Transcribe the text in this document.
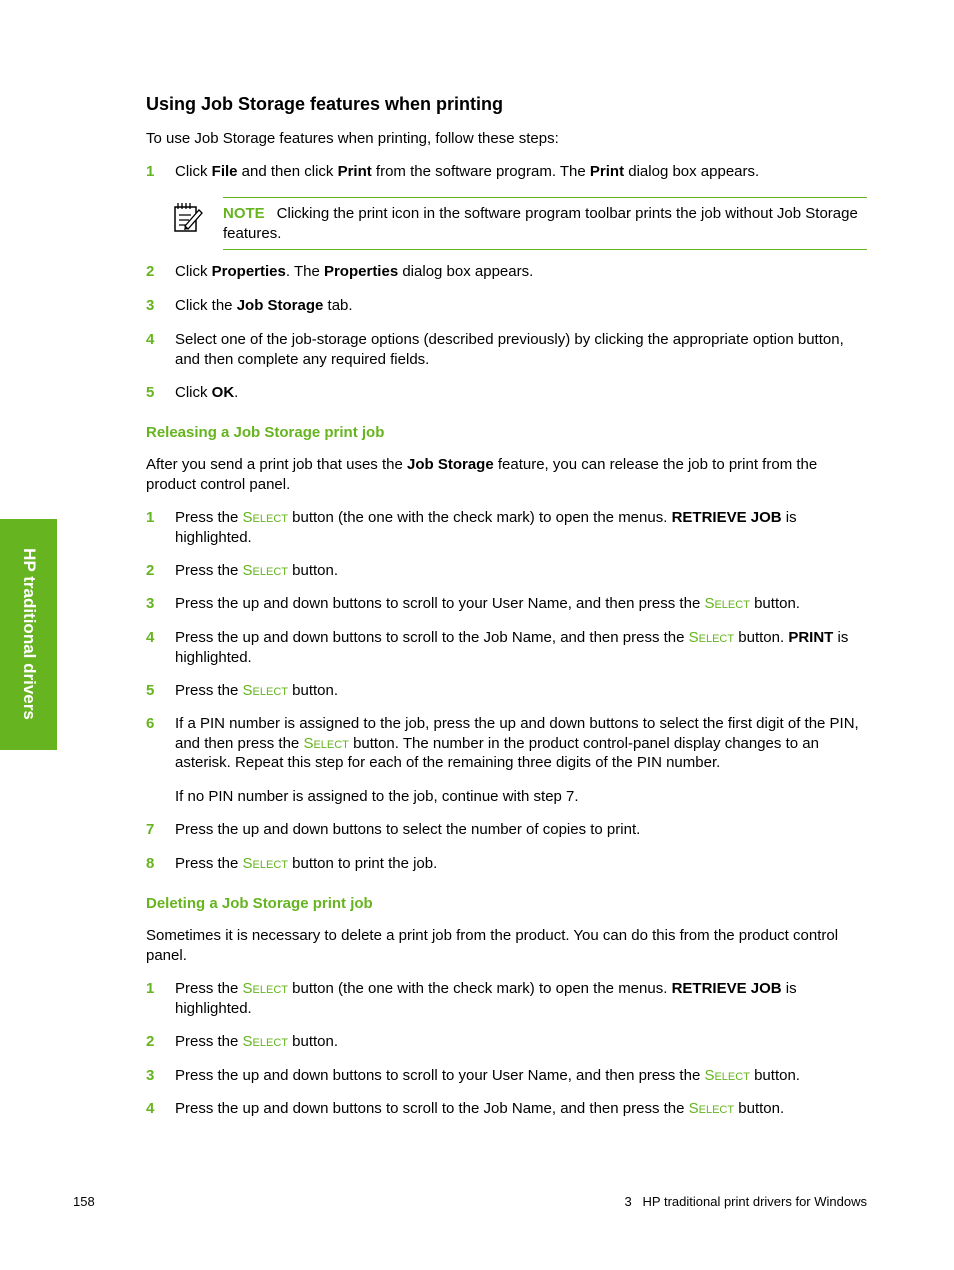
HP traditional drivers
Using Job Storage features when printing
To use Job Storage features when printing, follow these steps:
1 Click File and then click Print from the software program. The Print dialog box appears.
NOTE Clicking the print icon in the software program toolbar prints the job without Job Storage features.
2 Click Properties. The Properties dialog box appears.
3 Click the Job Storage tab.
4 Select one of the job-storage options (described previously) by clicking the appropriate option button, and then complete any required fields.
5 Click OK.
Releasing a Job Storage print job
After you send a print job that uses the Job Storage feature, you can release the job to print from the product control panel.
1 Press the Select button (the one with the check mark) to open the menus. RETRIEVE JOB is highlighted.
2 Press the Select button.
3 Press the up and down buttons to scroll to your User Name, and then press the Select button.
4 Press the up and down buttons to scroll to the Job Name, and then press the Select button. PRINT is highlighted.
5 Press the Select button.
6 If a PIN number is assigned to the job, press the up and down buttons to select the first digit of the PIN, and then press the Select button. The number in the product control-panel display changes to an asterisk. Repeat this step for each of the remaining three digits of the PIN number.
If no PIN number is assigned to the job, continue with step 7.
7 Press the up and down buttons to select the number of copies to print.
8 Press the Select button to print the job.
Deleting a Job Storage print job
Sometimes it is necessary to delete a print job from the product. You can do this from the product control panel.
1 Press the Select button (the one with the check mark) to open the menus. RETRIEVE JOB is highlighted.
2 Press the Select button.
3 Press the up and down buttons to scroll to your User Name, and then press the Select button.
4 Press the up and down buttons to scroll to the Job Name, and then press the Select button.
158	3   HP traditional print drivers for Windows
